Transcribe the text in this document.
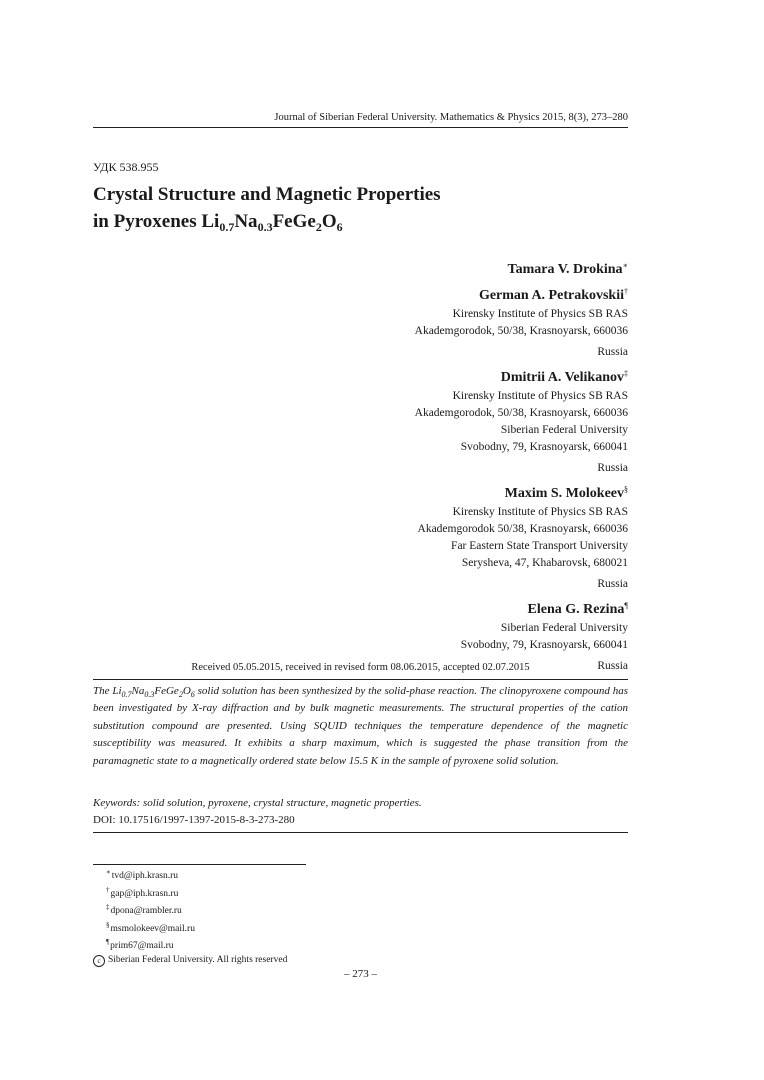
Journal of Siberian Federal University. Mathematics & Physics 2015, 8(3), 273–280
УДК 538.955
Crystal Structure and Magnetic Properties
in Pyroxenes $Li_{0.7}Na_{0.3}FeGe_2O_6$
Tamara V. Drokina∗
German A. Petrakovskii†
Kirensky Institute of Physics SB RAS
Akademgorodok, 50/38, Krasnoyarsk, 660036
Russia
Dmitrii A. Velikanov‡
Kirensky Institute of Physics SB RAS
Akademgorodok, 50/38, Krasnoyarsk, 660036
Siberian Federal University
Svobodny, 79, Krasnoyarsk, 660041
Russia
Maxim S. Molokeev§
Kirensky Institute of Physics SB RAS
Akademgorodok 50/38, Krasnoyarsk, 660036
Far Eastern State Transport University
Serysheva, 47, Khabarovsk, 680021
Russia
Elena G. Rezina¶
Siberian Federal University
Svobodny, 79, Krasnoyarsk, 660041
Russia
Received 05.05.2015, received in revised form 08.06.2015, accepted 02.07.2015
The $Li_{0.7}Na_{0.3}FeGe_2O_6$ solid solution has been synthesized by the solid-phase reaction. The clinopyroxene compound has been investigated by X-ray diffraction and by bulk magnetic measurements. The structural properties of the cation substitution compound are presented. Using SQUID techniques the temperature dependence of the magnetic susceptibility was measured. It exhibits a sharp maximum, which is suggested the phase transition from the paramagnetic state to a magnetically ordered state below 15.5 K in the sample of pyroxene solid solution.
Keywords: solid solution, pyroxene, crystal structure, magnetic properties.
DOI: 10.17516/1997-1397-2015-8-3-273-280
∗tvd@iph.krasn.ru
†gap@iph.krasn.ru
‡dpona@rambler.ru
§msmolokeev@mail.ru
¶prim67@mail.ru
c Siberian Federal University. All rights reserved
– 273 –
